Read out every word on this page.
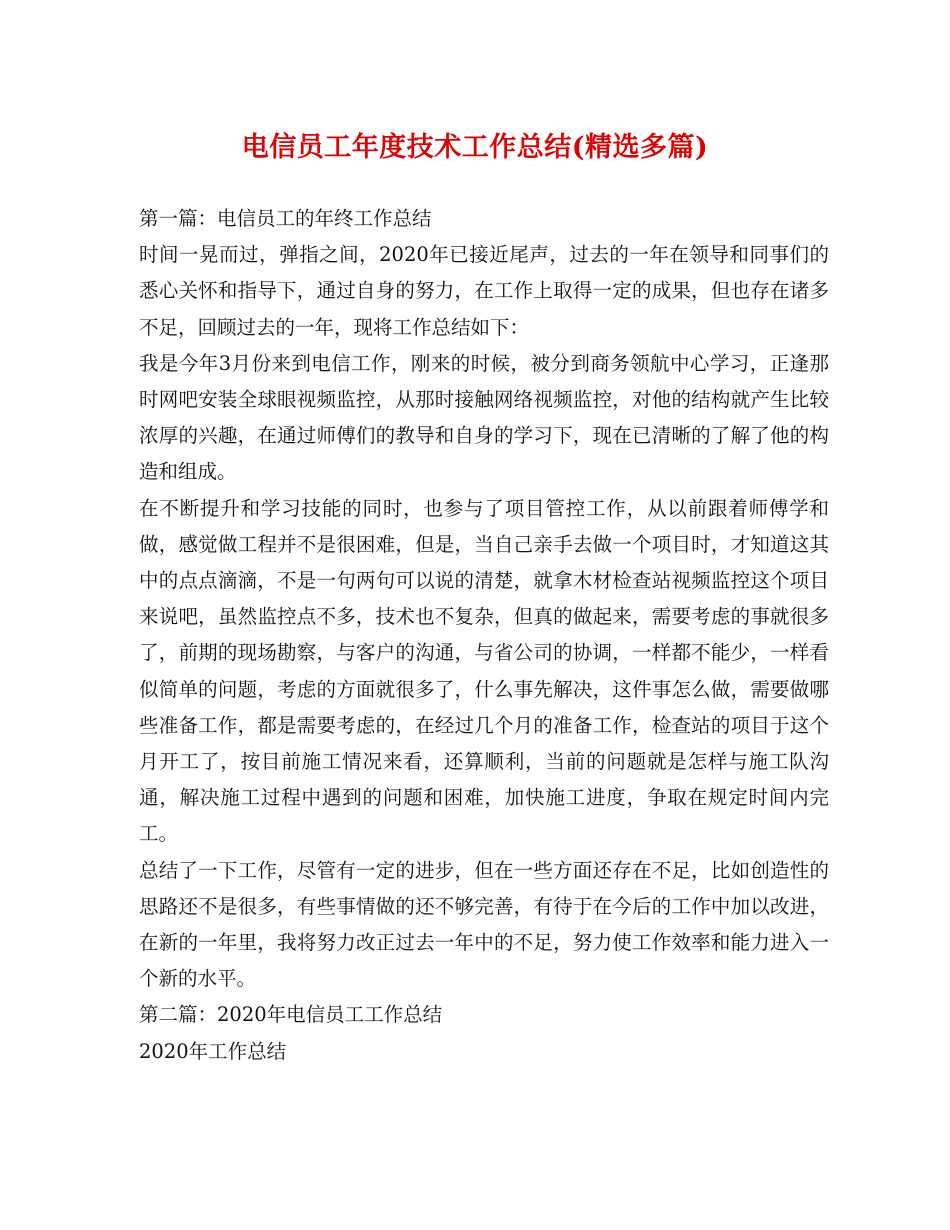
电信员工年度技术工作总结(精选多篇)

第一篇：电信员工的年终工作总结

时间一晃而过，弹指之间，2020年已接近尾声，过去的一年在领导和同事们的悉心关怀和指导下，通过自身的努力，在工作上取得一定的成果，但也存在诸多不足，回顾过去的一年，现将工作总结如下：

我是今年3月份来到电信工作，刚来的时候，被分到商务领航中心学习，正逢那时网吧安装全球眼视频监控，从那时接触网络视频监控，对他的结构就产生比较浓厚的兴趣，在通过师傅们的教导和自身的学习下，现在已清晰的了解了他的构造和组成。

在不断提升和学习技能的同时，也参与了项目管控工作，从以前跟着师傅学和做，感觉做工程并不是很困难，但是，当自己亲手去做一个项目时，才知道这其中的点点滴滴，不是一句两句可以说的清楚，就拿木材检查站视频监控这个项目来说吧，虽然监控点不多，技术也不复杂，但真的做起来，需要考虑的事就很多了，前期的现场勘察，与客户的沟通，与省公司的协调，一样都不能少，一样看似简单的问题，考虑的方面就很多了，什么事先解决，这件事怎么做，需要做哪些准备工作，都是需要考虑的，在经过几个月的准备工作，检查站的项目于这个月开工了，按目前施工情况来看，还算顺利，当前的问题就是怎样与施工队沟通，解决施工过程中遇到的问题和困难，加快施工进度，争取在规定时间内完工。

总结了一下工作，尽管有一定的进步，但在一些方面还存在不足，比如创造性的思路还不是很多，有些事情做的还不够完善，有待于在今后的工作中加以改进，在新的一年里，我将努力改正过去一年中的不足，努力使工作效率和能力进入一个新的水平。

第二篇：2020年电信员工工作总结

2020年工作总结
